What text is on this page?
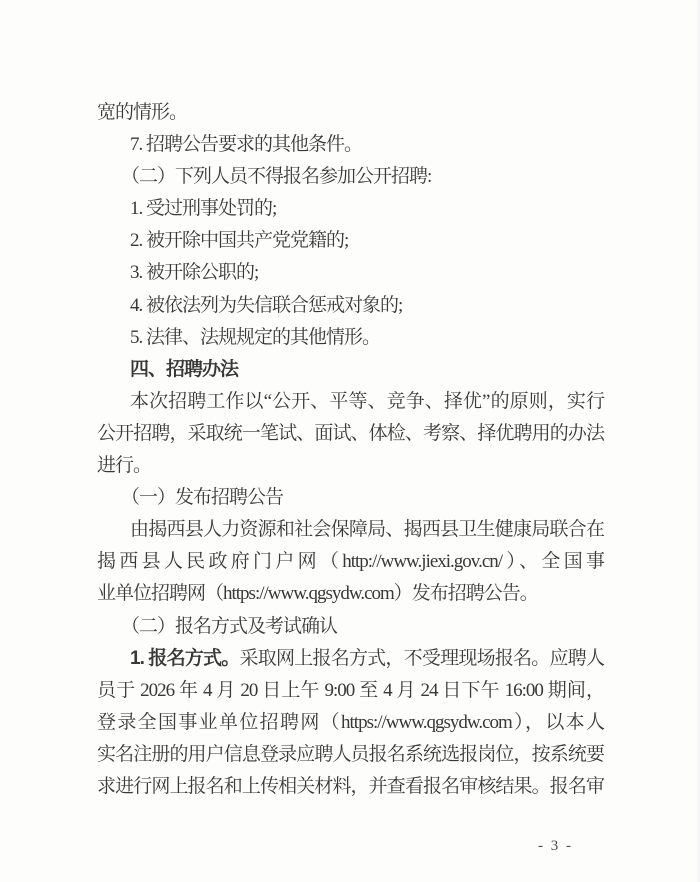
宽的情形。
7. 招聘公告要求的其他条件。
（二）下列人员不得报名参加公开招聘:
1. 受过刑事处罚的;
2. 被开除中国共产党党籍的;
3. 被开除公职的;
4. 被依法列为失信联合惩戒对象的;
5. 法律、法规规定的其他情形。
四、招聘办法
本次招聘工作以“公开、平等、竞争、择优”的原则，实行
公开招聘，采取统一笔试、面试、体检、考察、择优聘用的办法
进行。
（一）发布招聘公告
由揭西县人力资源和社会保障局、揭西县卫生健康局联合在
揭西县人民政府门户网（http://www.jiexi.gov.cn/）、全国事
业单位招聘网（https://www.qgsydw.com）发布招聘公告。
（二）报名方式及考试确认
1. 报名方式。采取网上报名方式，不受理现场报名。应聘人
员于 2026 年 4 月 20 日上午 9:00 至 4 月 24 日下午 16:00 期间，
登录全国事业单位招聘网（https://www.qgsydw.com），以本人
实名注册的用户信息登录应聘人员报名系统选报岗位，按系统要
求进行网上报名和上传相关材料，并查看报名审核结果。报名审
- 3 -
